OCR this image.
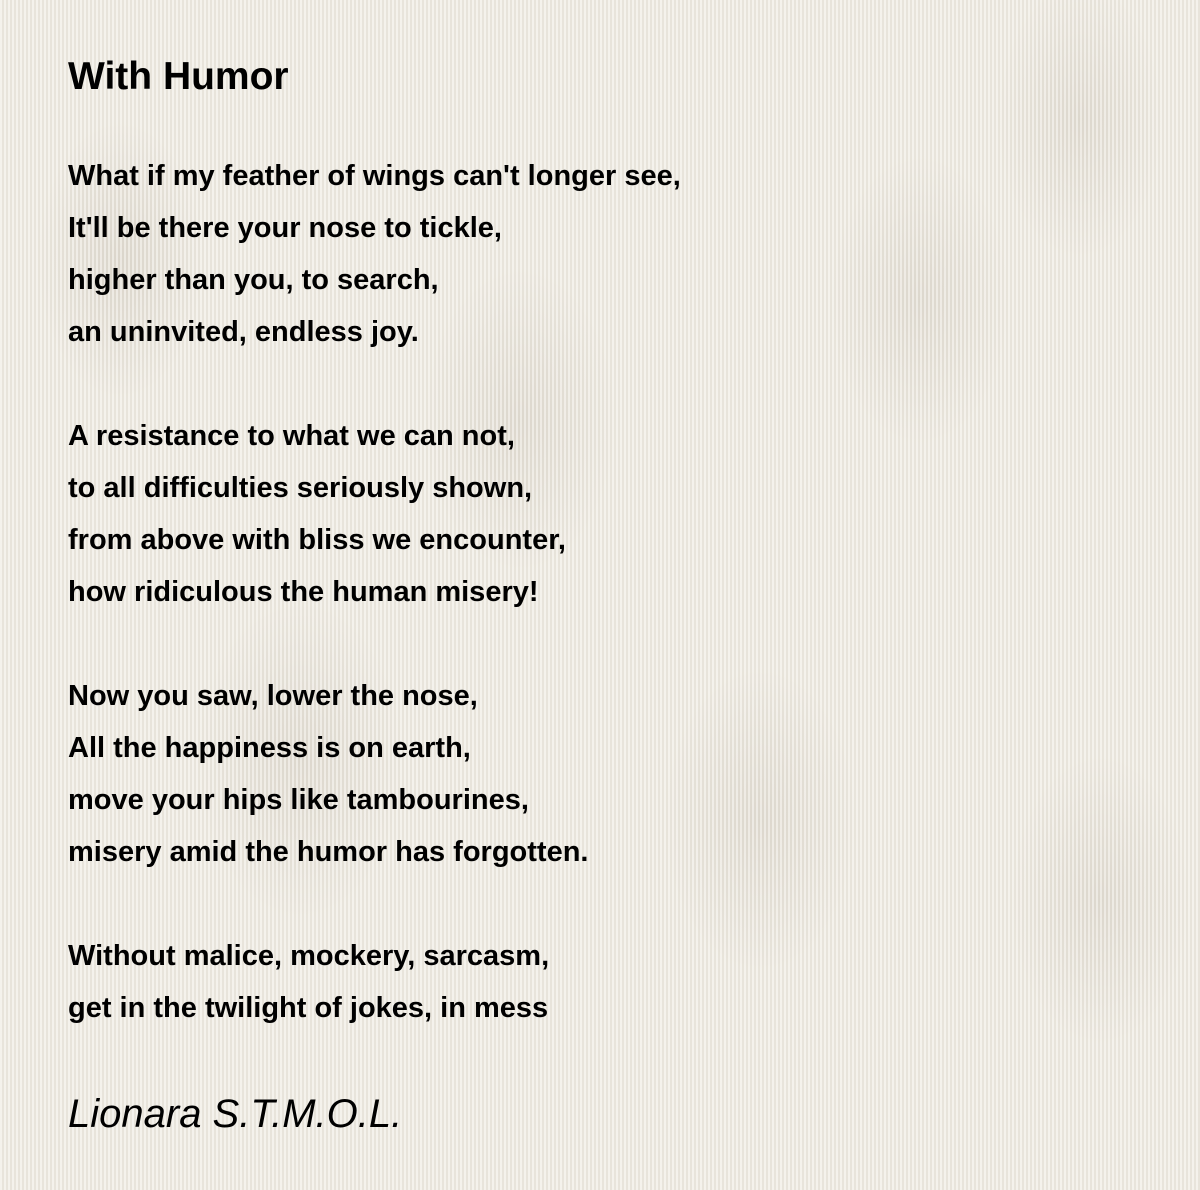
With Humor
What if my feather of wings can't longer see,
It'll be there your nose to tickle,
higher than you, to search,
an uninvited, endless joy.
A resistance to what we can not,
to all difficulties seriously shown,
from above with bliss we encounter,
how ridiculous the human misery!
Now you saw, lower the nose,
All the happiness is on earth,
move your hips like tambourines,
misery amid the humor has forgotten.
Without malice, mockery, sarcasm,
get in the twilight of jokes, in mess
Lionara S.T.M.O.L.
